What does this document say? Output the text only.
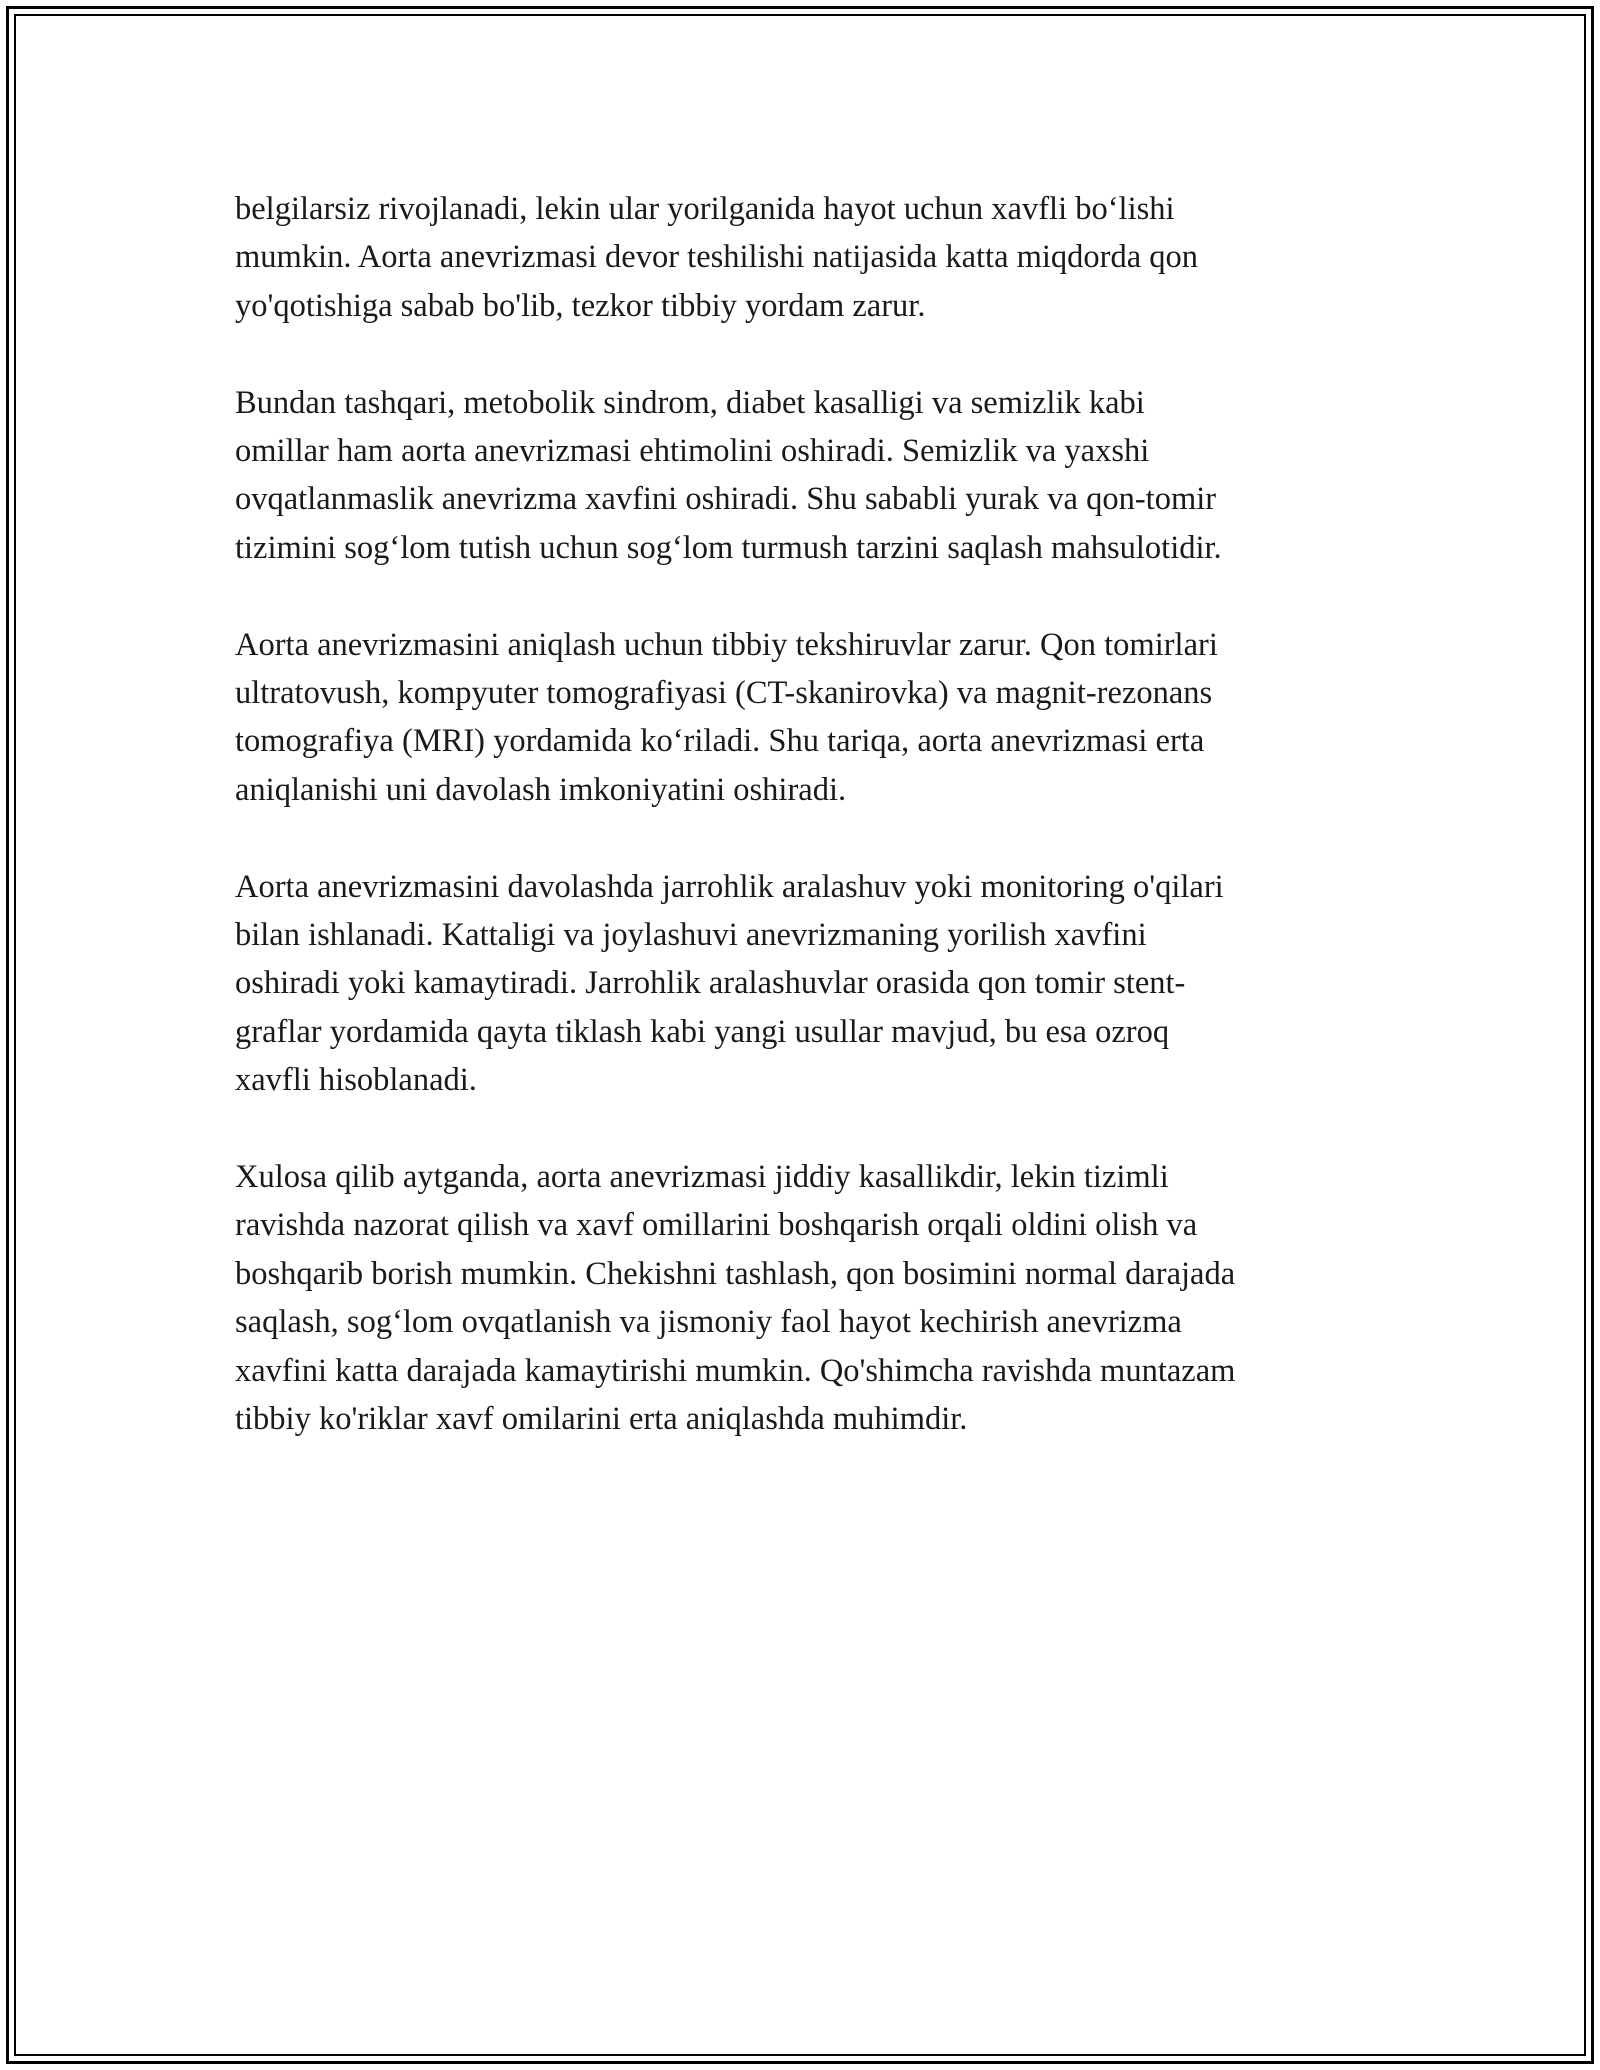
belgilarsiz rivojlanadi, lekin ular yorilganida hayot uchun xavfli bo‘lishi
mumkin. Aorta anevrizmasi devor teshilishi natijasida katta miqdorda qon
yo'qotishiga sabab bo'lib, tezkor tibbiy yordam zarur.

Bundan tashqari, metobolik sindrom, diabet kasalligi va semizlik kabi
omillar ham aorta anevrizmasi ehtimolini oshiradi. Semizlik va yaxshi
ovqatlanmaslik anevrizma xavfini oshiradi. Shu sababli yurak va qon-tomir
tizimini sog‘lom tutish uchun sog‘lom turmush tarzini saqlash mahsulotidir.

Aorta anevrizmasini aniqlash uchun tibbiy tekshiruvlar zarur. Qon tomirlari
ultratovush, kompyuter tomografiyasi (CT-skanirovka) va magnit-rezonans
tomografiya (MRI) yordamida ko‘riladi. Shu tariqa, aorta anevrizmasi erta
aniqlanishi uni davolash imkoniyatini oshiradi.

Aorta anevrizmasini davolashda jarrohlik aralashuv yoki monitoring o'qilari
bilan ishlanadi. Kattaligi va joylashuvi anevrizmaning yorilish xavfini
oshiradi yoki kamaytiradi. Jarrohlik aralashuvlar orasida qon tomir stent-
graflar yordamida qayta tiklash kabi yangi usullar mavjud, bu esa ozroq
xavfli hisoblanadi.

Xulosa qilib aytganda, aorta anevrizmasi jiddiy kasallikdir, lekin tizimli
ravishda nazorat qilish va xavf omillarini boshqarish orqali oldini olish va
boshqarib borish mumkin. Chekishni tashlash, qon bosimini normal darajada
saqlash, sog‘lom ovqatlanish va jismoniy faol hayot kechirish anevrizma
xavfini katta darajada kamaytirishi mumkin. Qo'shimcha ravishda muntazam
tibbiy ko'riklar xavf omilarini erta aniqlashda muhimdir.
